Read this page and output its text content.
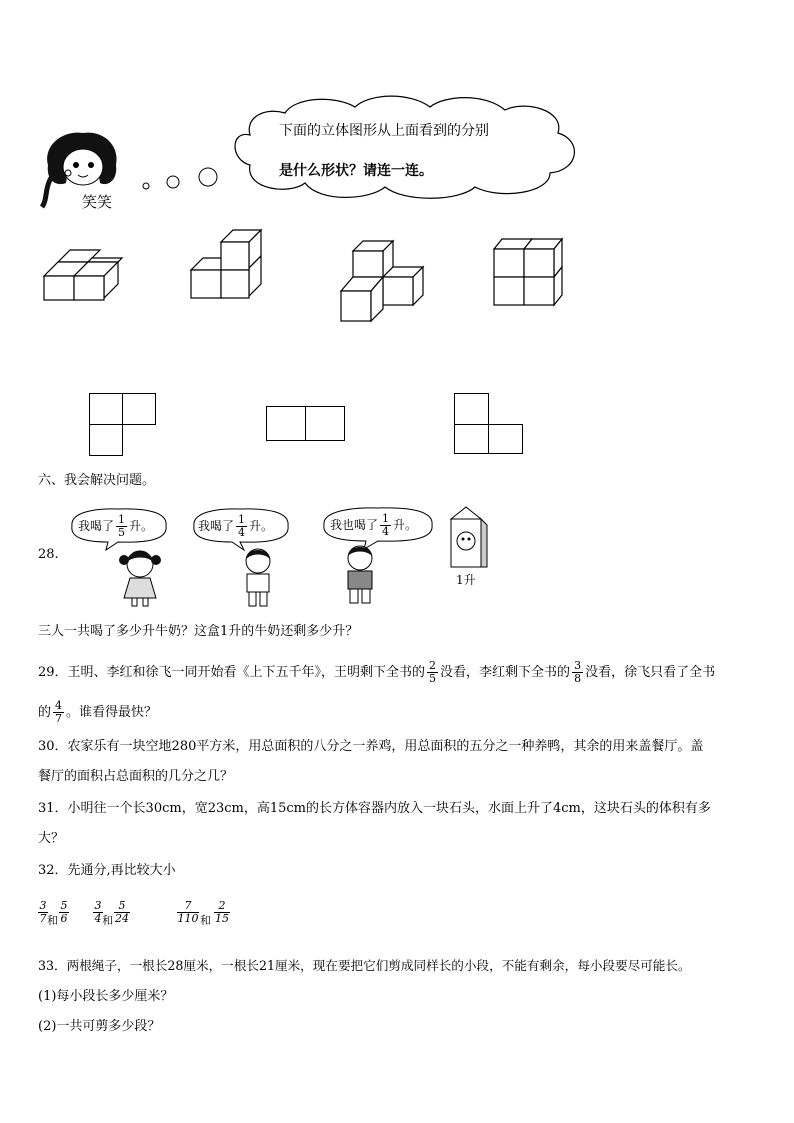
笑笑
下面的立体图形从上面看到的分别
是什么形状？请连一连。
六、我会解决问题。
28.
我喝了 $\frac{1}{5}$ 升。	我喝了 $\frac{1}{4}$ 升。	我也喝了 $\frac{1}{4}$ 升。
1升
三人一共喝了多少升牛奶？这盒1升的牛奶还剩多少升？
29．王明、李红和徐飞一同开始看《上下五千年》，王明剩下全书的 $\frac{2}{5}$ 没看，李红剩下全书的 $\frac{3}{8}$ 没看，徐飞只看了全书
的 $\frac{4}{7}$ 。谁看得最快？
30．农家乐有一块空地280平方米，用总面积的八分之一养鸡，用总面积的五分之一种养鸭，其余的用来盖餐厅。盖
餐厅的面积占总面积的几分之几？
31．小明往一个长30cm，宽23cm，高15cm的长方体容器内放入一块石头，水面上升了4cm，这块石头的体积有多
大？
32．先通分,再比较大小
3
7 和
5
6
3
4 和
5
24
7
110 和
2
15
33．两根绳子，一根长28厘米，一根长21厘米，现在要把它们剪成同样长的小段，不能有剩余，每小段要尽可能长。
(1)每小段长多少厘米？
(2)一共可剪多少段？
